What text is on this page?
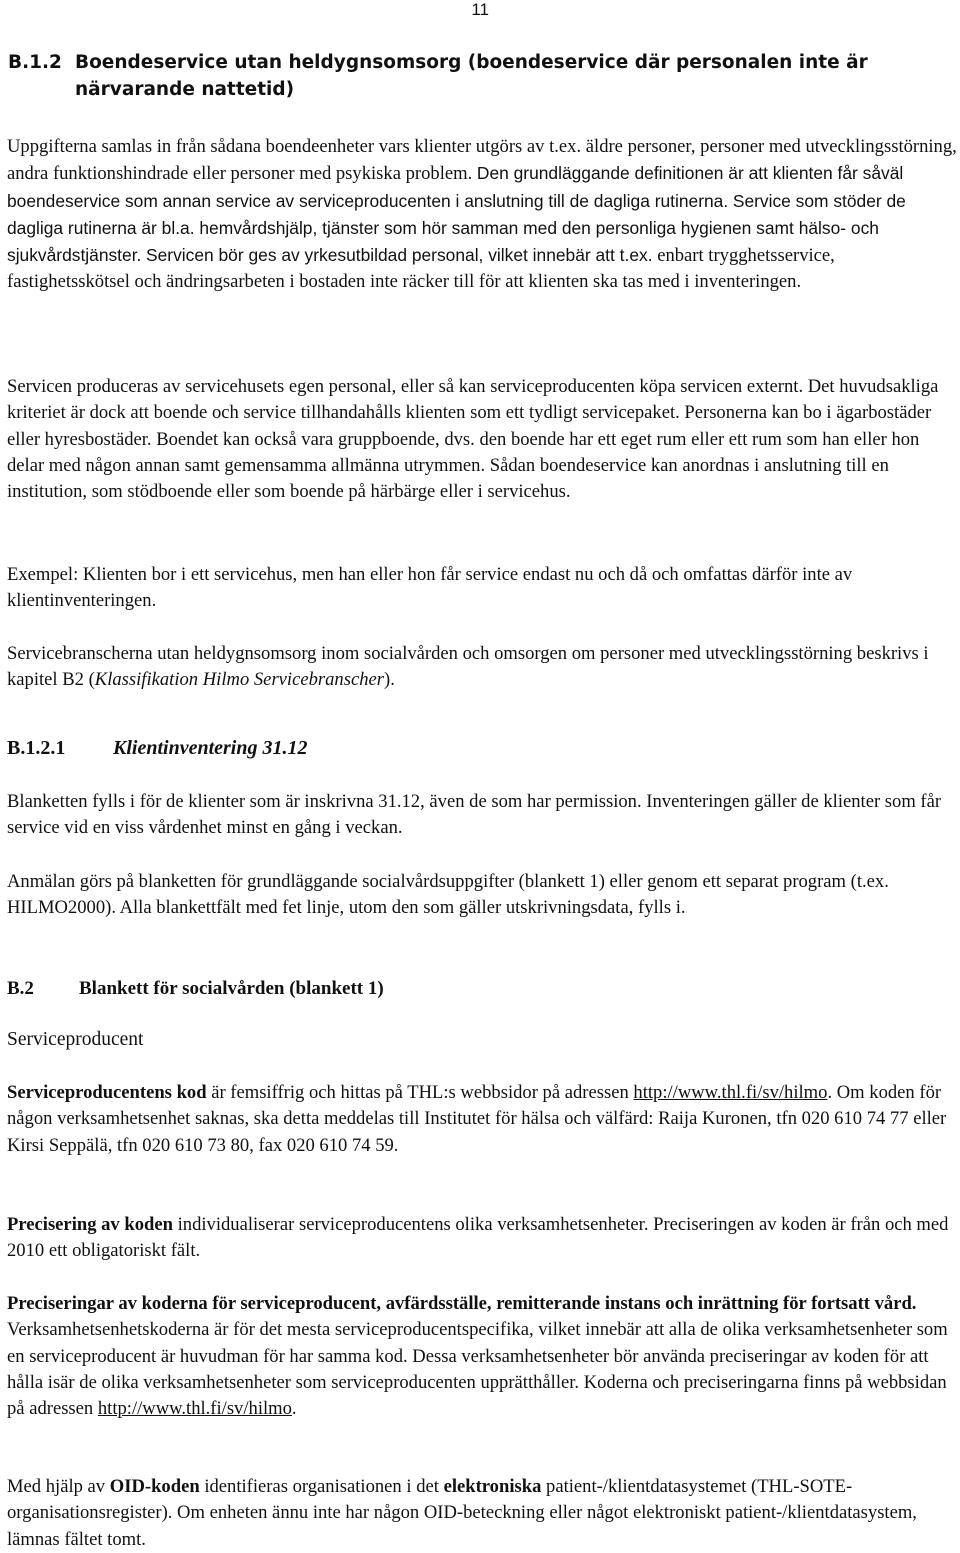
11
B.1.2 Boendeservice utan heldygnsomsorg (boendeservice där personalen inte är närvarande nattetid)
Uppgifterna samlas in från sådana boendeenheter vars klienter utgörs av t.ex. äldre personer, personer med utvecklingsstörning, andra funktionshindrade eller personer med psykiska problem. Den grundläggande definitionen är att klienten får såväl boendeservice som annan service av serviceproducenten i anslutning till de dagliga rutinerna. Service som stöder de dagliga rutinerna är bl.a. hemvårdshjälp, tjänster som hör samman med den personliga hygienen samt hälso- och sjukvårdstjänster. Servicen bör ges av yrkesutbildad personal, vilket innebär att t.ex. enbart trygghetsservice, fastighetsskötsel och ändringsarbeten i bostaden inte räcker till för att klienten ska tas med i inventeringen.
Servicen produceras av servicehusets egen personal, eller så kan serviceproducenten köpa servicen externt. Det huvudsakliga kriteriet är dock att boende och service tillhandahålls klienten som ett tydligt servicepaket. Personerna kan bo i ägarbostäder eller hyresbostäder. Boendet kan också vara gruppboende, dvs. den boende har ett eget rum eller ett rum som han eller hon delar med någon annan samt gemensamma allmänna utrymmen. Sådan boendeservice kan anordnas i anslutning till en institution, som stödboende eller som boende på härbärge eller i servicehus.
Exempel: Klienten bor i ett servicehus, men han eller hon får service endast nu och då och omfattas därför inte av klientinventeringen.
Servicebranscherna utan heldygnsomsorg inom socialvården och omsorgen om personer med utvecklingsstörning beskrivs i kapitel B2 (Klassifikation Hilmo Servicebranscher).
B.1.2.1 Klientinventering 31.12
Blanketten fylls i för de klienter som är inskrivna 31.12, även de som har permission. Inventeringen gäller de klienter som får service vid en viss vårdenhet minst en gång i veckan.
Anmälan görs på blanketten för grundläggande socialvårdsuppgifter (blankett 1) eller genom ett separat program (t.ex. HILMO2000). Alla blankettfält med fet linje, utom den som gäller utskrivningsdata, fylls i.
B.2 Blankett för socialvården (blankett 1)
Serviceproducent
Serviceproducentens kod är femsiffrig och hittas på THL:s webbsidor på adressen http://www.thl.fi/sv/hilmo. Om koden för någon verksamhetsenhet saknas, ska detta meddelas till Institutet för hälsa och välfärd: Raija Kuronen, tfn 020 610 74 77 eller Kirsi Seppälä, tfn 020 610 73 80, fax 020 610 74 59.
Precisering av koden individualiserar serviceproducentens olika verksamhetsenheter. Preciseringen av koden är från och med 2010 ett obligatoriskt fält.
Preciseringar av koderna för serviceproducent, avfärdsställe, remitterande instans och inrättning för fortsatt vård. Verksamhetsenhetskoderna är för det mesta serviceproducentspecifika, vilket innebär att alla de olika verksamhetsenheter som en serviceproducent är huvudman för har samma kod. Dessa verksamhetsenheter bör använda preciseringar av koden för att hålla isär de olika verksamhetsenheter som serviceproducenten upprätthåller. Koderna och preciseringarna finns på webbsidan på adressen http://www.thl.fi/sv/hilmo.
Med hjälp av OID-koden identifieras organisationen i det elektroniska patient-/klientdatasystemet (THL-SOTE-organisationsregister). Om enheten ännu inte har någon OID-beteckning eller något elektroniskt patient-/klientdatasystem, lämnas fältet tomt.
